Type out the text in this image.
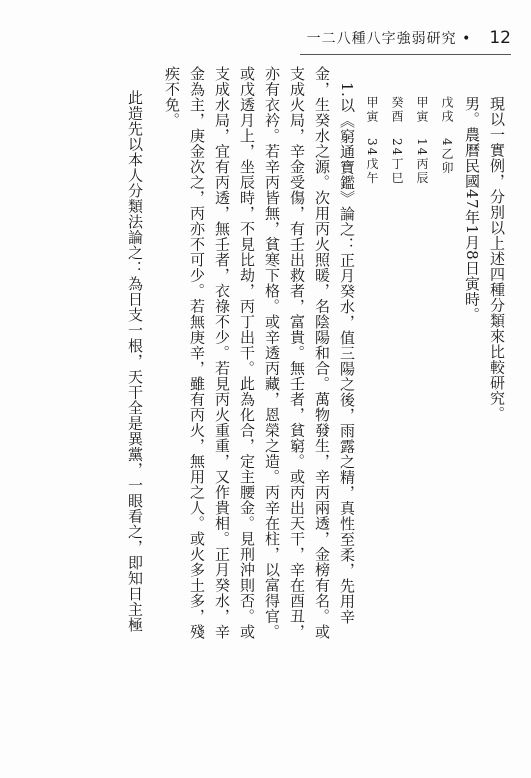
一二八種八字強弱研究 • 12
現以一實例，分別以上述四種分類來比較研究。
男。農曆民國47年1月8日寅時。
戊戌　4乙卯
甲寅　14丙辰
癸酉　24丁巳
甲寅　34戊午
1.以《窮通寶鑑》論之：正月癸水，值三陽之後，雨露之精，真性至柔，先用辛
金，生癸水之源。次用丙火照暖，名陰陽和合。萬物發生，辛丙兩透，金榜有名。或
支成火局，辛金受傷，有壬出救者，富貴。無壬者，貧窮。或丙出天干，辛在酉丑，
亦有衣衿。若辛丙皆無，貧寒下格。或辛透丙藏，恩榮之造。丙辛在柱，以富得官。
或戊透月上，坐辰時，不見比劫，丙丁出干。此為化合，定主腰金。見刑沖則否。或
支成水局，宜有丙透，無壬者，衣祿不少。若見丙火重重，又作貴相。正月癸水，辛
金為主，庚金次之，丙亦不可少。若無庚辛，雖有丙火，無用之人。或火多土多，殘
疾不免。
此造先以本人分類法論之：為日支一根，天干全是異黨，一眼看之，即知日主極
